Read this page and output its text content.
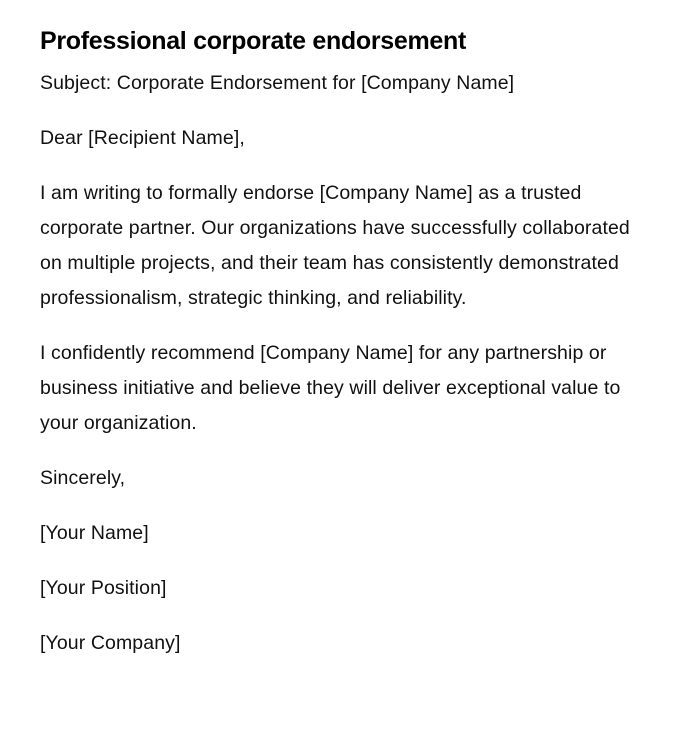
Professional corporate endorsement

Subject: Corporate Endorsement for [Company Name]

Dear [Recipient Name],

I am writing to formally endorse [Company Name] as a trusted corporate partner. Our organizations have successfully collaborated on multiple projects, and their team has consistently demonstrated professionalism, strategic thinking, and reliability.

I confidently recommend [Company Name] for any partnership or business initiative and believe they will deliver exceptional value to your organization.

Sincerely,

[Your Name]

[Your Position]

[Your Company]
